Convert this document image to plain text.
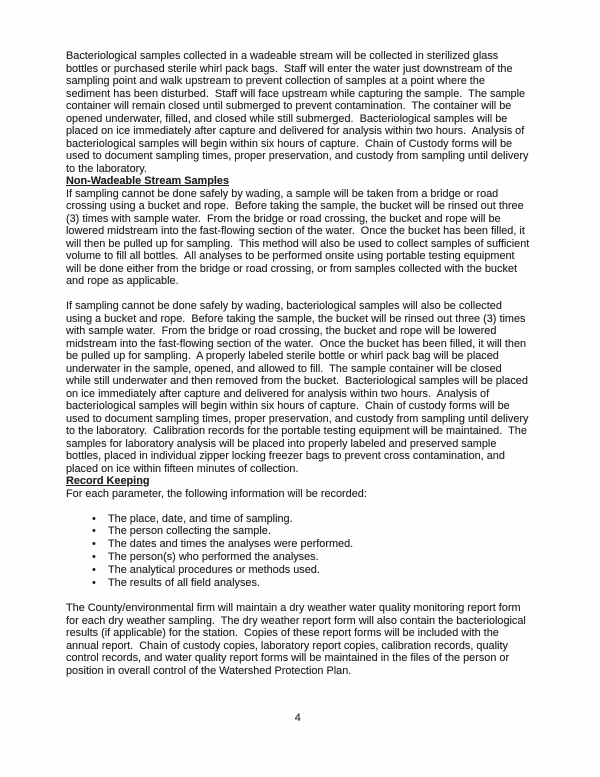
Bacteriological samples collected in a wadeable stream will be collected in sterilized glass bottles or purchased sterile whirl pack bags.  Staff will enter the water just downstream of the sampling point and walk upstream to prevent collection of samples at a point where the sediment has been disturbed.  Staff will face upstream while capturing the sample.  The sample container will remain closed until submerged to prevent contamination.  The container will be opened underwater, filled, and closed while still submerged.  Bacteriological samples will be placed on ice immediately after capture and delivered for analysis within two hours.  Analysis of bacteriological samples will begin within six hours of capture.  Chain of Custody forms will be used to document sampling times, proper preservation, and custody from sampling until delivery to the laboratory.

Non-Wadeable Stream Samples

If sampling cannot be done safely by wading, a sample will be taken from a bridge or road crossing using a bucket and rope.  Before taking the sample, the bucket will be rinsed out three (3) times with sample water.  From the bridge or road crossing, the bucket and rope will be lowered midstream into the fast-flowing section of the water.  Once the bucket has been filled, it will then be pulled up for sampling.  This method will also be used to collect samples of sufficient volume to fill all bottles.  All analyses to be performed onsite using portable testing equipment will be done either from the bridge or road crossing, or from samples collected with the bucket and rope as applicable.

If sampling cannot be done safely by wading, bacteriological samples will also be collected using a bucket and rope.  Before taking the sample, the bucket will be rinsed out three (3) times with sample water.  From the bridge or road crossing, the bucket and rope will be lowered midstream into the fast-flowing section of the water.  Once the bucket has been filled, it will then be pulled up for sampling.  A properly labeled sterile bottle or whirl pack bag will be placed underwater in the sample, opened, and allowed to fill.  The sample container will be closed while still underwater and then removed from the bucket.  Bacteriological samples will be placed on ice immediately after capture and delivered for analysis within two hours.  Analysis of bacteriological samples will begin within six hours of capture.  Chain of custody forms will be used to document sampling times, proper preservation, and custody from sampling until delivery to the laboratory.  Calibration records for the portable testing equipment will be maintained.  The samples for laboratory analysis will be placed into properly labeled and preserved sample bottles, placed in individual zipper locking freezer bags to prevent cross contamination, and placed on ice within fifteen minutes of collection.

Record Keeping

For each parameter, the following information will be recorded:

• The place, date, and time of sampling.
• The person collecting the sample.
• The dates and times the analyses were performed.
• The person(s) who performed the analyses.
• The analytical procedures or methods used.
• The results of all field analyses.

The County/environmental firm will maintain a dry weather water quality monitoring report form for each dry weather sampling.  The dry weather report form will also contain the bacteriological results (if applicable) for the station.  Copies of these report forms will be included with the annual report.  Chain of custody copies, laboratory report copies, calibration records, quality control records, and water quality report forms will be maintained in the files of the person or position in overall control of the Watershed Protection Plan.

4
